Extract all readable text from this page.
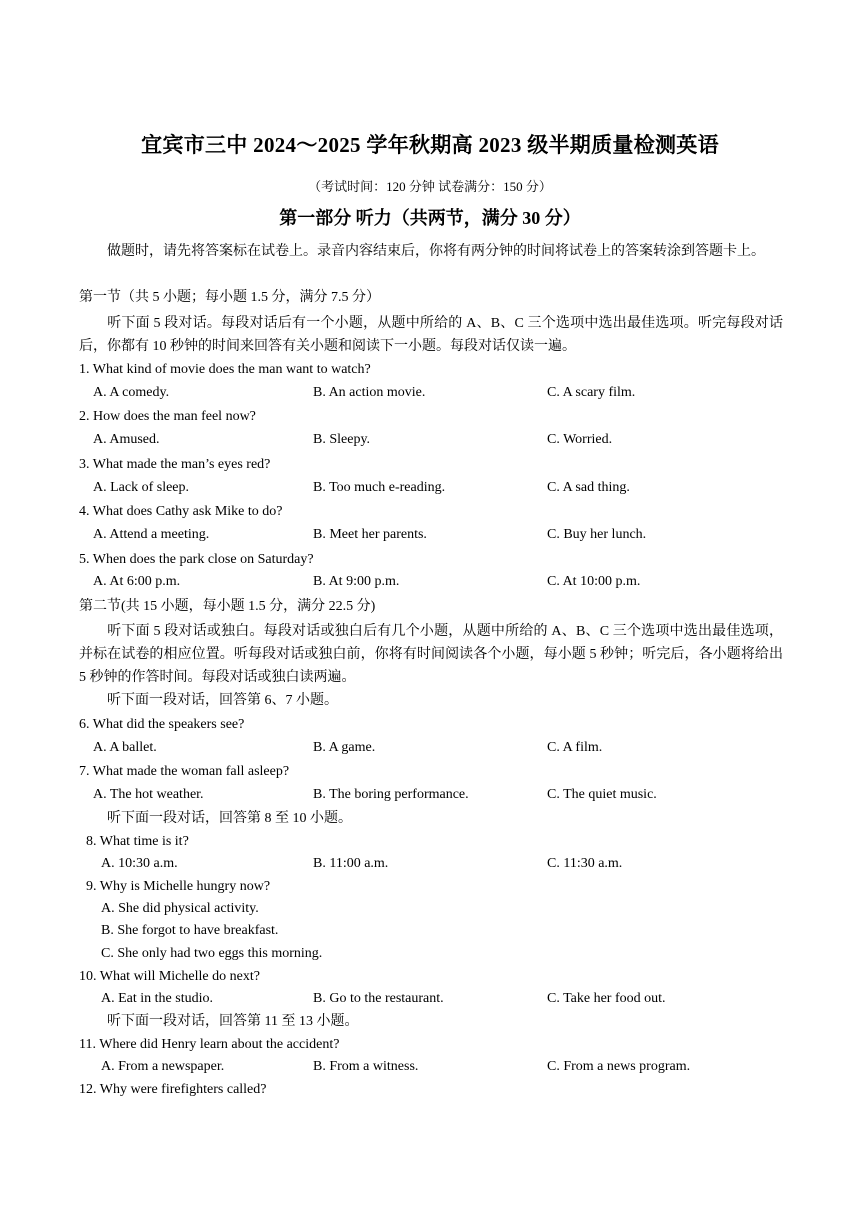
宜宾市三中 2024～2025 学年秋期高 2023 级半期质量检测英语
（考试时间：120 分钟 试卷满分：150 分）
第一部分 听力（共两节，满分 30 分）
做题时，请先将答案标在试卷上。录音内容结束后，你将有两分钟的时间将试卷上的答案转涂到答题卡上。
第一节（共 5 小题；每小题 1.5 分，满分 7.5 分）
听下面 5 段对话。每段对话后有一个小题，从题中所给的 A、B、C 三个选项中选出最佳选项。听完每段对话后，你都有 10 秒钟的时间来回答有关小题和阅读下一小题。每段对话仅读一遍。
1. What kind of movie does the man want to watch?
A. A comedy.	B. An action movie.	C. A scary film.
2. How does the man feel now?
A. Amused.	B. Sleepy.	C. Worried.
3. What made the man’s eyes red?
A. Lack of sleep.	B. Too much e-reading.	C. A sad thing.
4. What does Cathy ask Mike to do?
A. Attend a meeting.	B. Meet her parents.	C. Buy her lunch.
5. When does the park close on Saturday?
A. At 6:00 p.m.	B. At 9:00 p.m.	C. At 10:00 p.m.
第二节(共 15 小题，每小题 1.5 分，满分 22.5 分)
听下面 5 段对话或独白。每段对话或独白后有几个小题，从题中所给的 A、B、C 三个选项中选出最佳选项，并标在试卷的相应位置。听每段对话或独白前，你将有时间阅读各个小题，每小题 5 秒钟；听完后，各小题将给出 5 秒钟的作答时间。每段对话或独白读两遍。
听下面一段对话，回答第 6、7 小题。
6. What did the speakers see?
A. A ballet.	B. A game.	C. A film.
7. What made the woman fall asleep?
A. The hot weather.	B. The boring performance.	C. The quiet music.
听下面一段对话，回答第 8 至 10 小题。
8. What time is it?
A. 10:30 a.m.	B. 11:00 a.m.	C. 11:30 a.m.
9. Why is Michelle hungry now?
A. She did physical activity.
B. She forgot to have breakfast.
C. She only had two eggs this morning.
10. What will Michelle do next?
A. Eat in the studio.	B. Go to the restaurant.	C. Take her food out.
听下面一段对话，回答第 11 至 13 小题。
11. Where did Henry learn about the accident?
A. From a newspaper.	B. From a witness.	C. From a news program.
12. Why were firefighters called?
